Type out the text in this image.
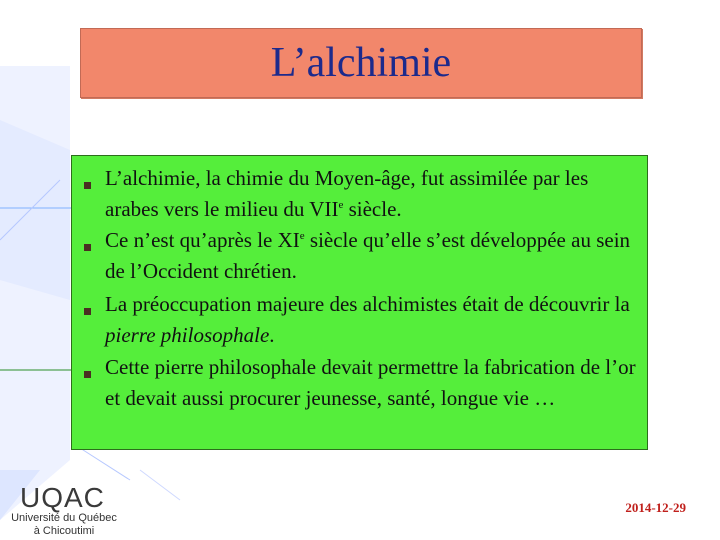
L’alchimie
L’alchimie, la chimie du Moyen-âge, fut assimilée par les arabes vers le milieu du VIIe siècle.
Ce n’est qu’après le XIe siècle qu’elle s’est développée au sein de l’Occident chrétien.
La préoccupation majeure des alchimistes était de découvrir la pierre philosophale.
Cette pierre philosophale devait permettre la fabrication de l’or et devait aussi procurer jeunesse, santé, longue vie …
UQAC
Université du Québec
à Chicoutimi
2014-12-29
